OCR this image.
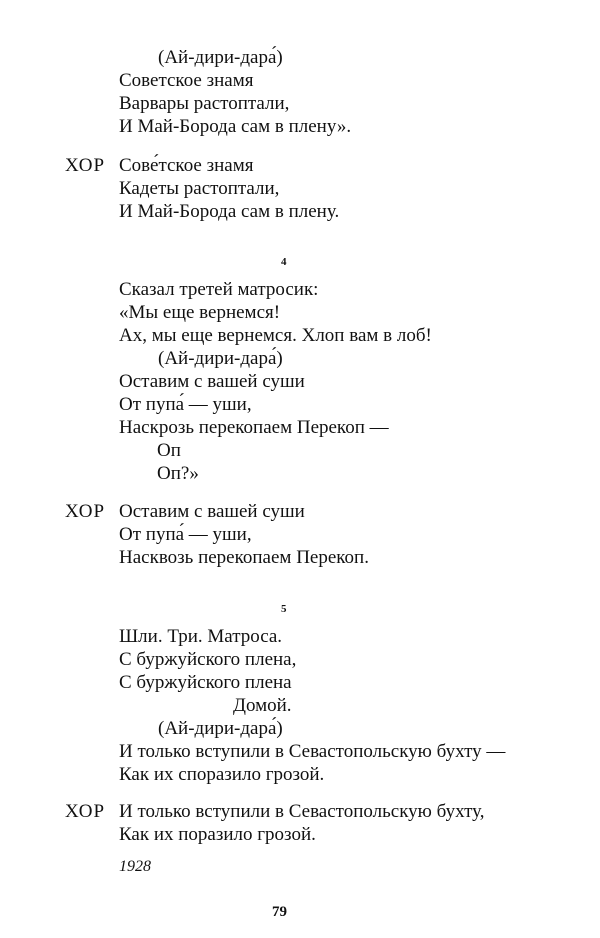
(Ай-дири-дара́)
Советское знамя
Варвары растоптали,
И Май-Борода сам в плену».
ХОР Сове́тское знамя
Кадеты растоптали,
И Май-Борода сам в плену.
4
Сказал третей матросик:
«Мы еще вернемся!
Ах, мы еще вернемся. Хлоп вам в лоб!
(Ай-дири-дара́)
Оставим с вашей суши
От пупа́ — уши,
Наскрозь перекопаем Перекоп —
Оп
Оп?»
ХОР Оставим с вашей суши
От пупа́ — уши,
Насквозь перекопаем Перекоп.
5
Шли. Три. Матроса.
С буржуйского плена,
С буржуйского плена
Домой.
(Ай-дири-дара́)
И только вступили в Севастопольскую бухту —
Как их споразило грозой.
ХОР И только вступили в Севастопольскую бухту,
Как их поразило грозой.
1928
79
